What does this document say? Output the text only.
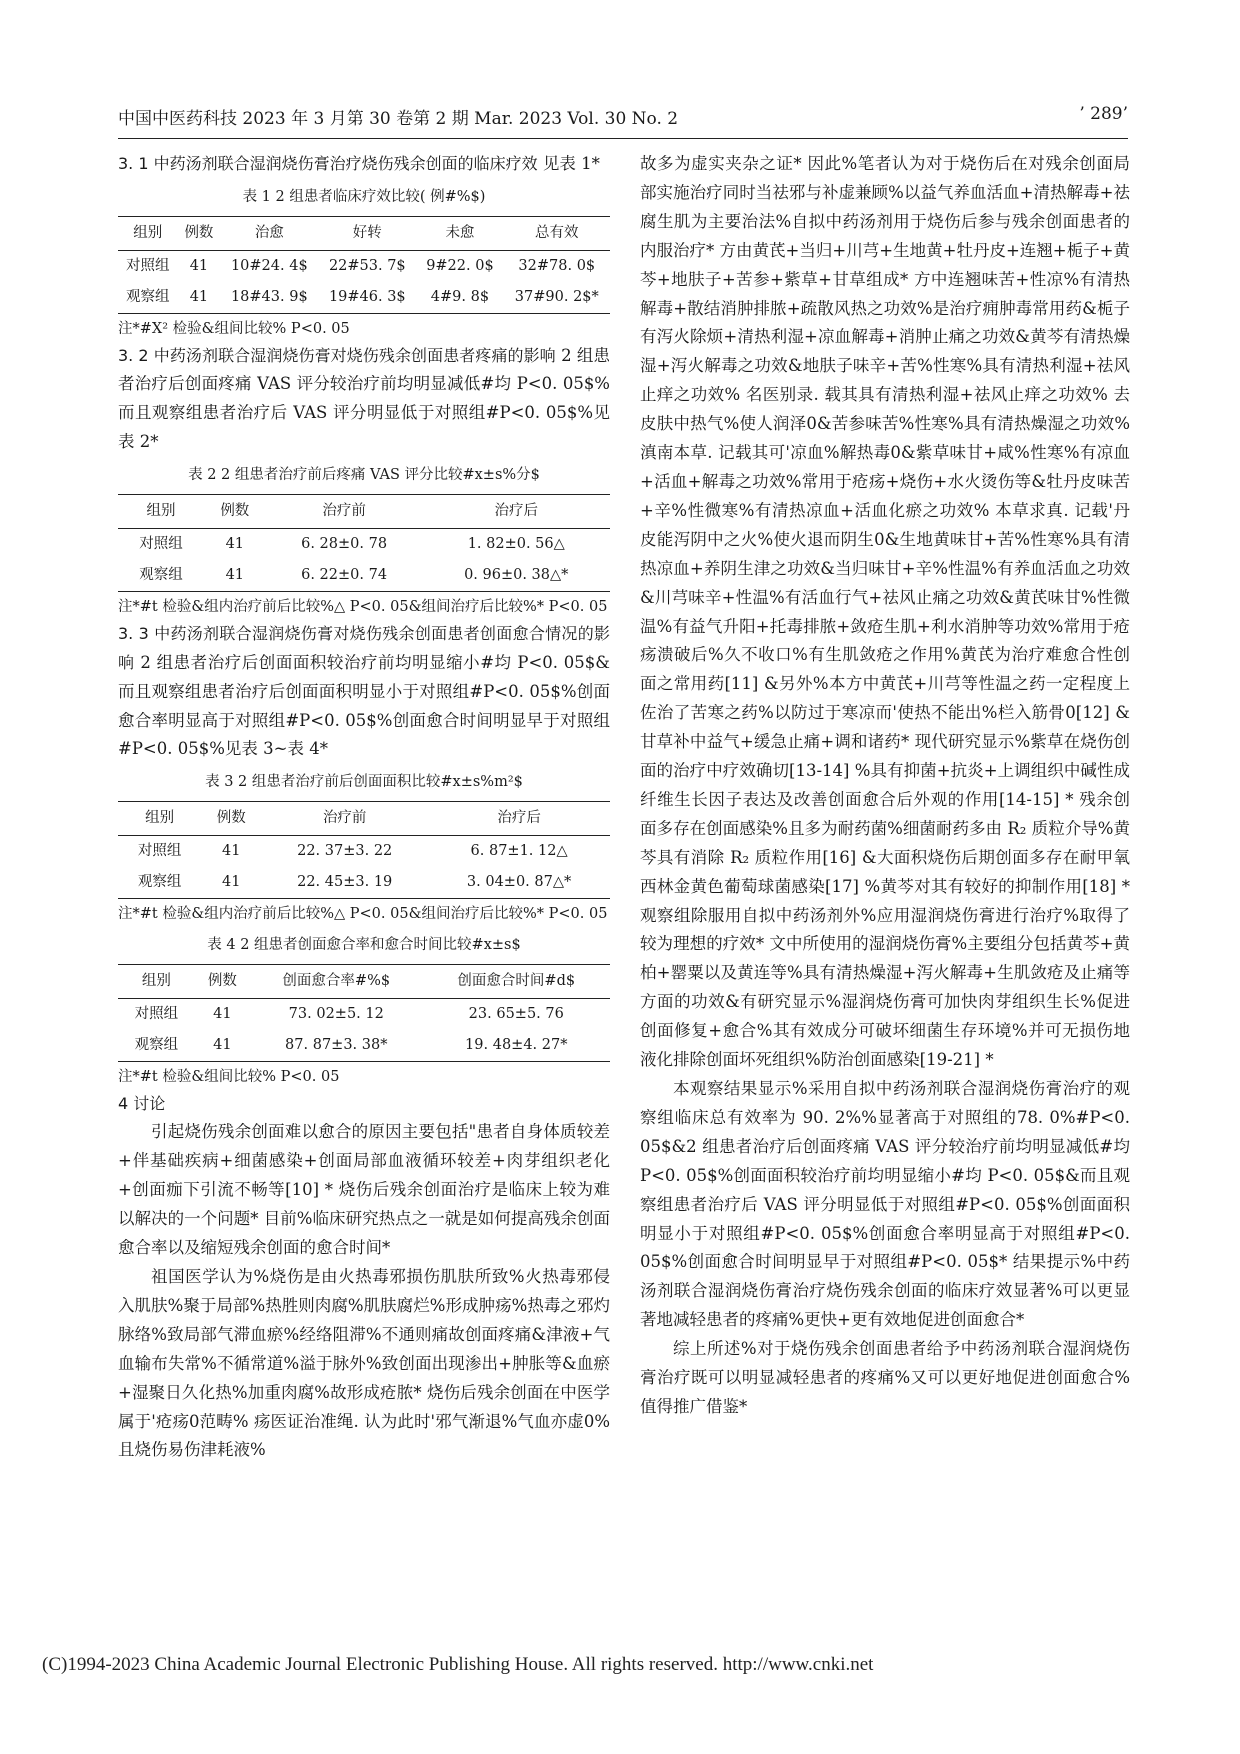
中国中医药科技 2023 年 3 月第 30 卷第 2 期 Mar. 2023 Vol. 30 No. 2	’ 289’

3. 1 中药汤剂联合湿润烧伤膏治疗烧伤残余创面的临床疗效 见表 1*

表 1 2 组患者临床疗效比较( 例#%$)

组别	例数	治愈	好转	未愈	总有效
对照组	41	10#24. 4$	22#53. 7$	9#22. 0$	32#78. 0$
观察组	41	18#43. 9$	19#46. 3$	4#9. 8$	37#90. 2$*

注*#X² 检验&组间比较% P<0. 05

3. 2 中药汤剂联合湿润烧伤膏对烧伤残余创面患者疼痛的影响 2 组患者治疗后创面疼痛 VAS 评分较治疗前均明显减低#均 P<0. 05$%而且观察组患者治疗后 VAS 评分明显低于对照组#P<0. 05$%见表 2*

表 2 2 组患者治疗前后疼痛 VAS 评分比较#x±s%分$

组别	例数	治疗前	治疗后
对照组	41	6. 28±0. 78	1. 82±0. 56△
观察组	41	6. 22±0. 74	0. 96±0. 38△*

注*#t 检验&组内治疗前后比较%△ P<0. 05&组间治疗后比较%* P<0. 05

3. 3 中药汤剂联合湿润烧伤膏对烧伤残余创面患者创面愈合情况的影响 2 组患者治疗后创面面积较治疗前均明显缩小#均 P<0. 05$&而且观察组患者治疗后创面面积明显小于对照组#P<0. 05$%创面愈合率明显高于对照组#P<0. 05$%创面愈合时间明显早于对照组#P<0. 05$%见表 3~表 4*

表 3 2 组患者治疗前后创面面积比较#x±s%m²$

组别	例数	治疗前	治疗后
对照组	41	22. 37±3. 22	6. 87±1. 12△
观察组	41	22. 45±3. 19	3. 04±0. 87△*

注*#t 检验&组内治疗前后比较%△ P<0. 05&组间治疗后比较%* P<0. 05

表 4 2 组患者创面愈合率和愈合时间比较#x±s$

组别	例数	创面愈合率#%$	创面愈合时间#d$
对照组	41	73. 02±5. 12	23. 65±5. 76
观察组	41	87. 87±3. 38*	19. 48±4. 27*

注*#t 检验&组间比较% P<0. 05

4 讨论

引起烧伤残余创面难以愈合的原因主要包括"患者自身体质较差+伴基础疾病+细菌感染+创面局部血液循环较差+肉芽组织老化+创面痂下引流不畅等[10] * 烧伤后残余创面治疗是临床上较为难以解决的一个问题* 目前%临床研究热点之一就是如何提高残余创面愈合率以及缩短残余创面的愈合时间*

祖国医学认为%烧伤是由火热毒邪损伤肌肤所致%火热毒邪侵入肌肤%聚于局部%热胜则肉腐%肌肤腐烂%形成肿疡%热毒之邪灼脉络%致局部气滞血瘀%经络阻滞%不通则痛故创面疼痛&津液+气血输布失常%不循常道%溢于脉外%致创面出现渗出+肿胀等&血瘀+湿聚日久化热%加重肉腐%故形成疮脓* 烧伤后残余创面在中医学属于'疮疡0范畴% 疡医证治准绳. 认为此时'邪气渐退%气血亦虚0%且烧伤易伤津耗液%

故多为虚实夹杂之证* 因此%笔者认为对于烧伤后在对残余创面局部实施治疗同时当祛邪与补虚兼顾%以益气养血活血+清热解毒+祛腐生肌为主要治法%自拟中药汤剂用于烧伤后参与残余创面患者的内服治疗* 方由黄芪+当归+川芎+生地黄+牡丹皮+连翘+栀子+黄芩+地肤子+苦参+紫草+甘草组成* 方中连翘味苦+性凉%有清热解毒+散结消肿排脓+疏散风热之功效%是治疗痈肿毒常用药&栀子有泻火除烦+清热利湿+凉血解毒+消肿止痛之功效&黄芩有清热燥湿+泻火解毒之功效&地肤子味辛+苦%性寒%具有清热利湿+祛风止痒之功效% 名医别录. 载其具有清热利湿+祛风止痒之功效% 去皮肤中热气%使人润泽0&苦参味苦%性寒%具有清热燥湿之功效% 滇南本草. 记载其可'凉血%解热毒0&紫草味甘+咸%性寒%有凉血+活血+解毒之功效%常用于疮疡+烧伤+水火烫伤等&牡丹皮味苦+辛%性微寒%有清热凉血+活血化瘀之功效% 本草求真. 记载'丹皮能泻阴中之火%使火退而阴生0&生地黄味甘+苦%性寒%具有清热凉血+养阴生津之功效&当归味甘+辛%性温%有养血活血之功效&川芎味辛+性温%有活血行气+祛风止痛之功效&黄芪味甘%性微温%有益气升阳+托毒排脓+敛疮生肌+利水消肿等功效%常用于疮疡溃破后%久不收口%有生肌敛疮之作用%黄芪为治疗难愈合性创面之常用药[11] &另外%本方中黄芪+川芎等性温之药一定程度上佐治了苦寒之药%以防过于寒凉而'使热不能出%栏入筋骨0[12] & 甘草补中益气+缓急止痛+调和诸药* 现代研究显示%紫草在烧伤创面的治疗中疗效确切[13-14] %具有抑菌+抗炎+上调组织中碱性成纤维生长因子表达及改善创面愈合后外观的作用[14-15] * 残余创面多存在创面感染%且多为耐药菌%细菌耐药多由 R₂ 质粒介导%黄芩具有消除 R₂ 质粒作用[16] &大面积烧伤后期创面多存在耐甲氧西林金黄色葡萄球菌感染[17] %黄芩对其有较好的抑制作用[18] * 观察组除服用自拟中药汤剂外%应用湿润烧伤膏进行治疗%取得了较为理想的疗效* 文中所使用的湿润烧伤膏%主要组分包括黄芩+黄柏+罂粟以及黄连等%具有清热燥湿+泻火解毒+生肌敛疮及止痛等方面的功效&有研究显示%湿润烧伤膏可加快肉芽组织生长%促进创面修复+愈合%其有效成分可破坏细菌生存环境%并可无损伤地液化排除创面坏死组织%防治创面感染[19-21] *

本观察结果显示%采用自拟中药汤剂联合湿润烧伤膏治疗的观察组临床总有效率为 90. 2%%显著高于对照组的78. 0%#P<0. 05$&2 组患者治疗后创面疼痛 VAS 评分较治疗前均明显减低#均 P<0. 05$%创面面积较治疗前均明显缩小#均 P<0. 05$&而且观察组患者治疗后 VAS 评分明显低于对照组#P<0. 05$%创面面积明显小于对照组#P<0. 05$%创面愈合率明显高于对照组#P<0. 05$%创面愈合时间明显早于对照组#P<0. 05$* 结果提示%中药汤剂联合湿润烧伤膏治疗烧伤残余创面的临床疗效显著%可以更显著地减轻患者的疼痛%更快+更有效地促进创面愈合*

综上所述%对于烧伤残余创面患者给予中药汤剂联合湿润烧伤膏治疗既可以明显减轻患者的疼痛%又可以更好地促进创面愈合%值得推广借鉴*

(C)1994-2023 China Academic Journal Electronic Publishing House. All rights reserved. http://www.cnki.net
